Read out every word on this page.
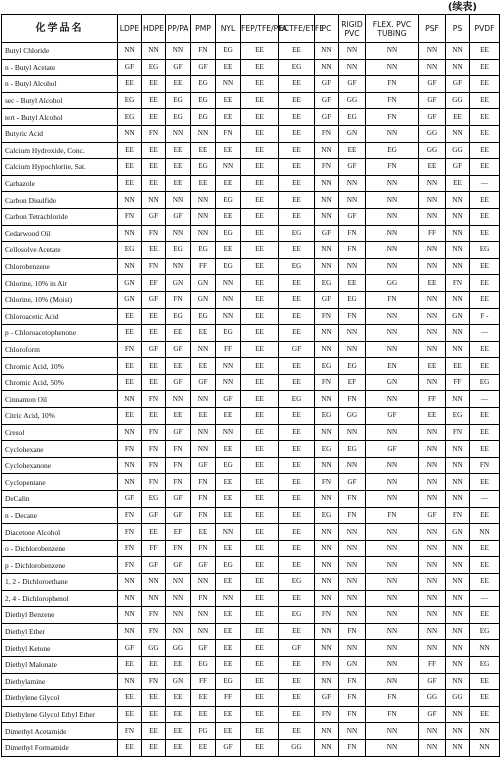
(续表)
化学品名	LDPE	HDPE	PP/PA	PMP	NYL	FEP/TFE/PFA	ECTFE/ETFE	PC	RIGID PVC	FLEX. PVC TUBING	PSF	PS	PVDF
Butyl Chloride	NN	NN	NN	FN	EG	EE	EE	NN	NN	NN	NN	NN	EE
n - Butyl Acetate	GF	EG	GF	GF	EE	EE	EG	NN	NN	NN	NN	NN	EE
n - Butyl Alcohol	EE	EE	EE	EG	NN	EE	EE	GF	GF	FN	GF	GF	EE
sec - Butyl Alcohol	EG	EE	EG	EG	EE	EE	EE	GF	GG	FN	GF	GG	EE
tert - Butyl Alcohol	EG	EE	EG	EG	EE	EE	EE	GF	EG	FN	GF	EE	EE
Butyric Acid	NN	FN	NN	NN	FN	EE	EE	FN	GN	NN	GG	NN	EE
Calcium Hydroxide, Conc.	EE	EE	EE	EE	EE	EE	EE	NN	EE	EG	GG	GG	EE
Calcium Hypochlorite, Sat.	EE	EE	EE	EG	NN	EE	EE	FN	GF	FN	EE	GF	EE
Carbazole	EE	EE	EE	EE	EE	EE	EE	NN	NN	NN	NN	EE	—
Carbon Disulfide	NN	NN	NN	NN	EG	EE	EE	NN	NN	NN	NN	NN	EE
Carbon Tetrachloride	FN	GF	GF	NN	EE	EE	EE	NN	GF	NN	NN	NN	EE
Cedarwood Oil	NN	FN	NN	NN	EG	EE	EG	GF	FN	NN	FF	NN	EE
Cellosolve Acetate	EG	EE	EG	EG	EE	EE	EE	NN	FN	NN	NN	NN	EG
Chlorobenzene	NN	FN	NN	FF	EG	EE	EG	NN	NN	NN	NN	NN	EE
Chlorine, 10% in Air	GN	EF	GN	GN	NN	EE	EE	EG	EE	GG	EE	FN	EE
Chlorine, 10% (Moist)	GN	GF	FN	GN	NN	EE	EE	GF	EG	FN	NN	NN	EE
Chloroacetic Acid	EE	EE	EG	EG	NN	EE	EE	FN	FN	NN	NN	GN	F -
p - Chloroacetophenone	EE	EE	EE	EE	EG	EE	EE	NN	NN	NN	NN	NN	—
Chloroform	FN	GF	GF	NN	FF	EE	GF	NN	NN	NN	NN	NN	EE
Chromic Acid, 10%	EE	EE	EE	EE	NN	EE	EE	EG	EG	EN	EE	EE	EE
Chromic Acid, 50%	EE	EE	GF	GF	NN	EE	EE	FN	EF	GN	NN	FF	EG
Cinnamon Oil	NN	FN	NN	NN	GF	EE	EG	NN	FN	NN	FF	NN	—
Citric Acid, 10%	EE	EE	EE	EE	EE	EE	EE	EG	GG	GF	EE	EG	EE
Cresol	NN	FN	GF	NN	NN	EE	EE	NN	NN	NN	NN	FN	EE
Cyclohexane	FN	FN	FN	NN	EE	EE	EE	EG	EG	GF	NN	NN	EE
Cyclohexanone	NN	FN	FN	GF	EG	EE	EE	NN	NN	NN	NN	NN	FN
Cyclopentane	NN	FN	FN	FN	EE	EE	EE	FN	GF	NN	NN	NN	EE
DeCalin	GF	EG	GF	FN	EE	EE	EE	NN	FN	NN	NN	NN	—
n - Decane	FN	GF	GF	FN	EE	EE	EE	EG	FN	FN	GF	FN	EE
Diacetone Alcohol	FN	EE	EF	EE	NN	EE	EE	NN	NN	NN	NN	GN	NN
o - Dichlorobenzene	FN	FF	FN	FN	EE	EE	EE	NN	NN	NN	NN	NN	EE
p - Dichlorobenzene	FN	GF	GF	GF	EG	EE	EE	NN	NN	NN	NN	NN	EE
1, 2 - Dichloroethane	NN	NN	NN	NN	EE	EE	EG	NN	NN	NN	NN	NN	EE
2, 4 - Dichlorophenol	NN	NN	NN	FN	NN	EE	EE	NN	NN	NN	NN	NN	—
Diethyl Benzene	NN	FN	NN	NN	EE	EE	EG	FN	NN	NN	NN	NN	EE
Diethyl Ether	NN	FN	NN	NN	EE	EE	EE	NN	FN	NN	NN	NN	EG
Diethyl Ketone	GF	GG	GG	GF	EE	EE	GF	NN	NN	NN	NN	NN	NN
Diethyl Malonate	EE	EE	EE	EG	EE	EE	EE	FN	GN	NN	FF	NN	EG
Diethylamine	NN	FN	GN	FF	EG	EE	EE	NN	FN	NN	GF	NN	EE
Diethylene Glycol	EE	EE	EE	EE	FF	EE	EE	GF	FN	FN	GG	GG	EE
Diethylene Glycol Ethyl Ether	EE	EE	EE	EE	EE	EE	EE	FN	FN	FN	GF	NN	EE
Dimethyl Acetamide	FN	EE	EE	FG	EE	EE	EE	NN	NN	NN	NN	NN	NN
Dimethyl Formamide	EE	EE	EE	EE	GF	EE	GG	NN	FN	NN	NN	NN	NN
